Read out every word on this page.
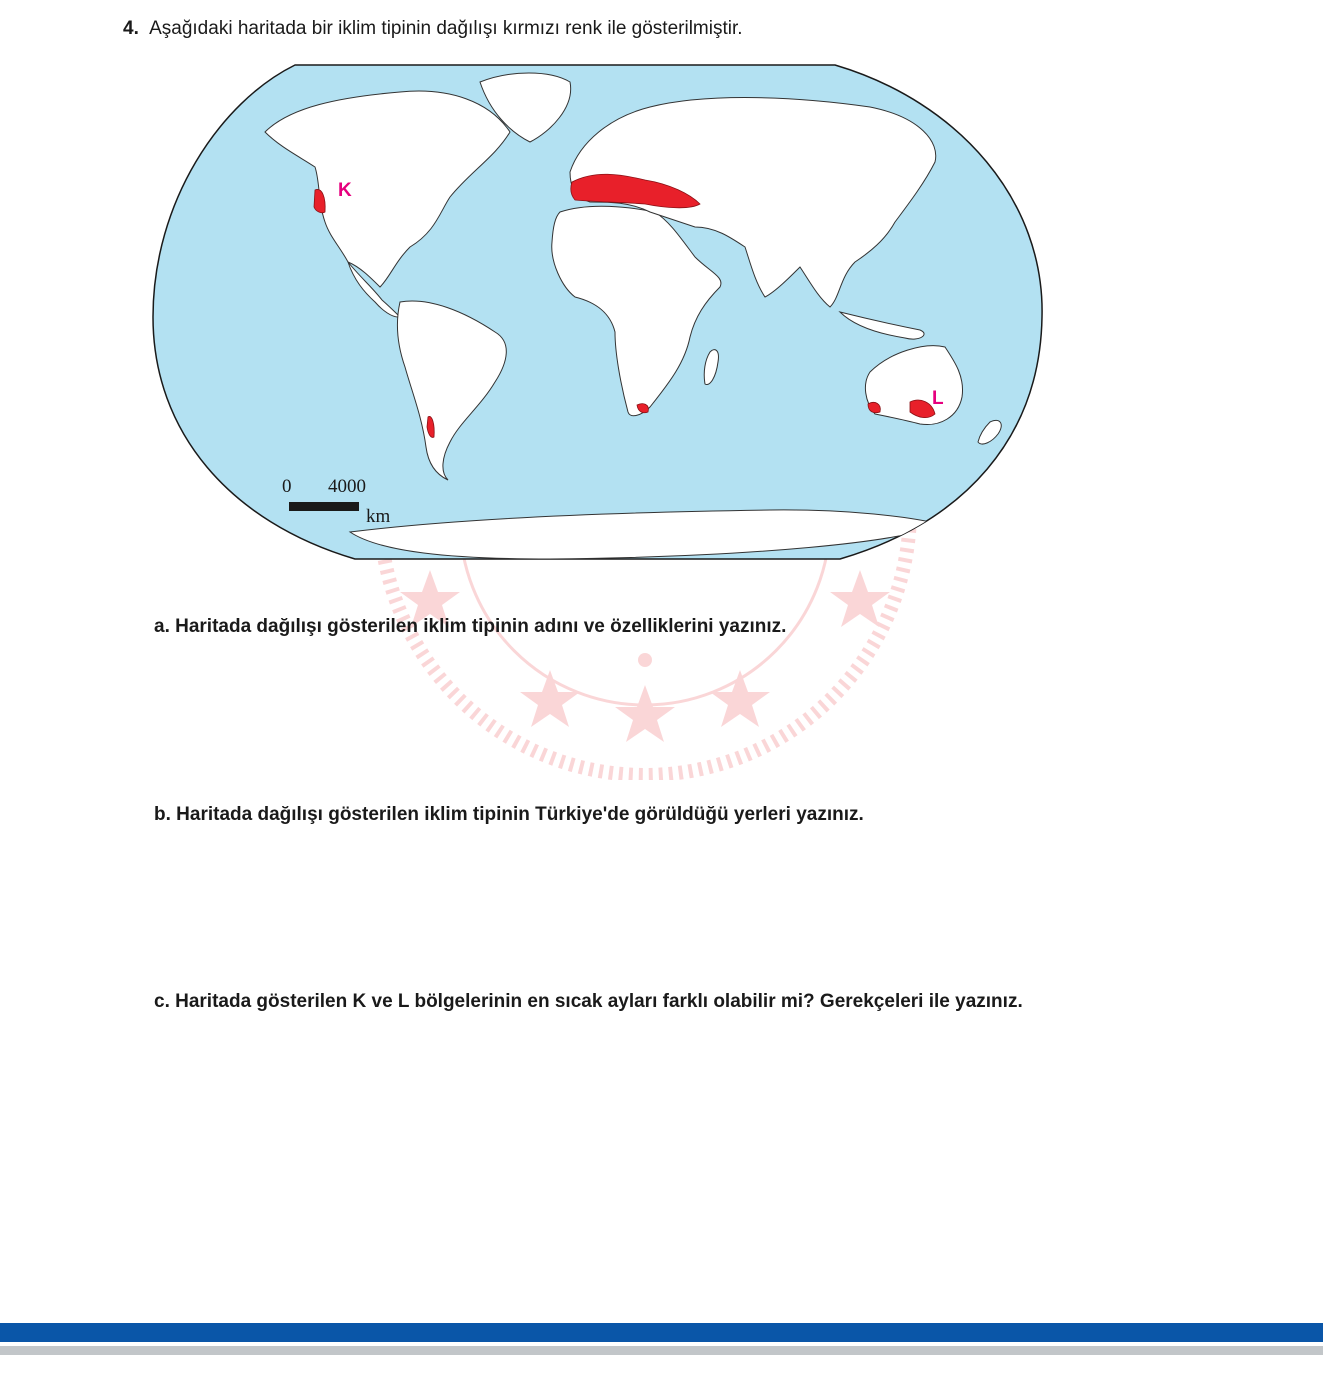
4. Aşağıdaki haritada bir iklim tipinin dağılışı kırmızı renk ile gösterilmiştir.
K
L
0 4000
km
a. Haritada dağılışı gösterilen iklim tipinin adını ve özelliklerini yazınız.
b. Haritada dağılışı gösterilen iklim tipinin Türkiye'de görüldüğü yerleri yazınız.
c. Haritada gösterilen K ve L bölgelerinin en sıcak ayları farklı olabilir mi? Gerekçeleri ile yazınız.
